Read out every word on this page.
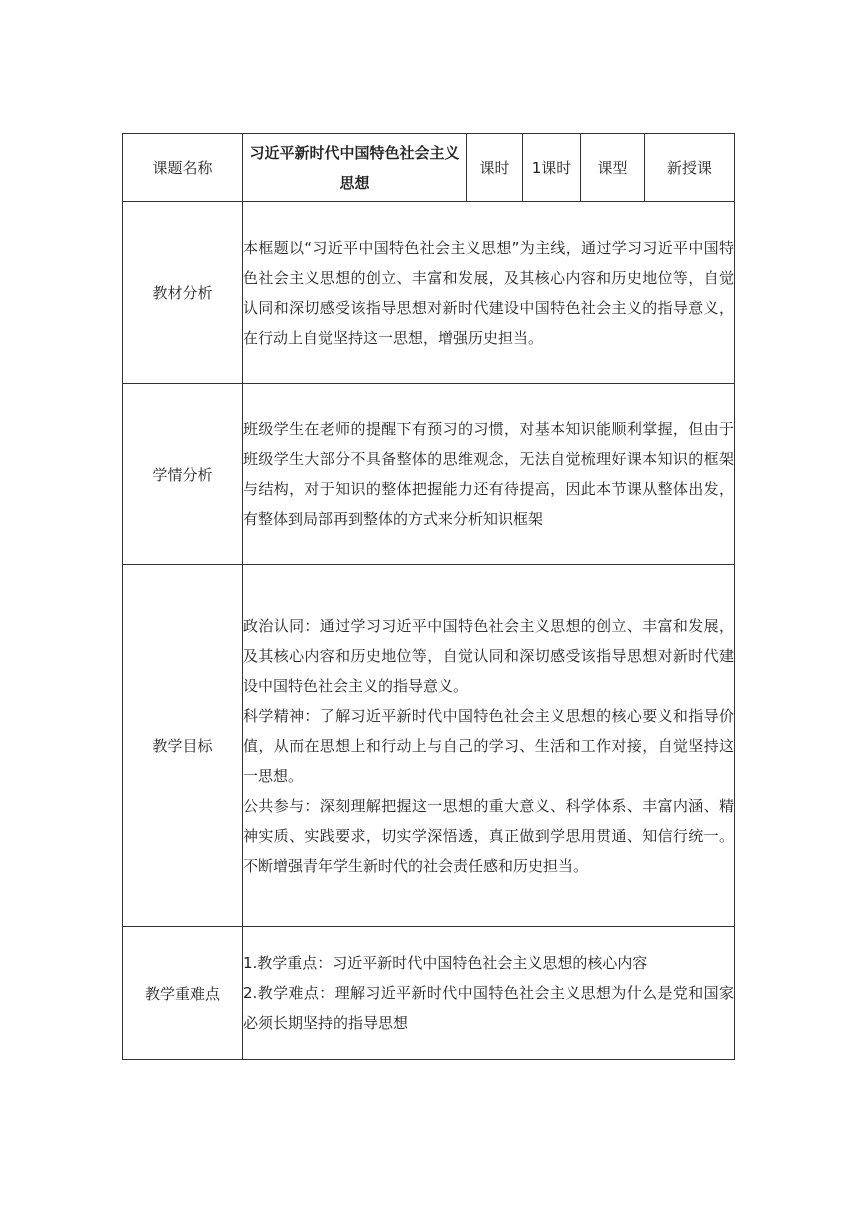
课题名称	习近平新时代中国特色社会主义思想	课时	1课时	课型	新授课
教材分析	本框题以“习近平中国特色社会主义思想”为主线，通过学习习近平中国特色社会主义思想的创立、丰富和发展，及其核心内容和历史地位等，自觉认同和深切感受该指导思想对新时代建设中国特色社会主义的指导意义，在行动上自觉坚持这一思想，增强历史担当。				

学情分析	班级学生在老师的提醒下有预习的习惯，对基本知识能顺利掌握，但由于班级学生大部分不具备整体的思维观念，无法自觉梳理好课本知识的框架与结构，对于知识的整体把握能力还有待提高，因此本节课从整体出发，有整体到局部再到整体的方式来分析知识框架				

教学目标	政治认同：通过学习习近平中国特色社会主义思想的创立、丰富和发展，及其核心内容和历史地位等，自觉认同和深切感受该指导思想对新时代建设中国特色社会主义的指导意义。

科学精神：了解习近平新时代中国特色社会主义思想的核心要义和指导价值，从而在思想上和行动上与自己的学习、生活和工作对接，自觉坚持这一思想。

公共参与：深刻理解把握这一思想的重大意义、科学体系、丰富内涵、精神实质、实践要求，切实学深悟透，真正做到学思用贯通、知信行统一。不断增强青年学生新时代的社会责任感和历史担当。				

教学重难点	1.教学重点：习近平新时代中国特色社会主义思想的核心内容

2.教学难点：理解习近平新时代中国特色社会主义思想为什么是党和国家必须长期坚持的指导思想				
